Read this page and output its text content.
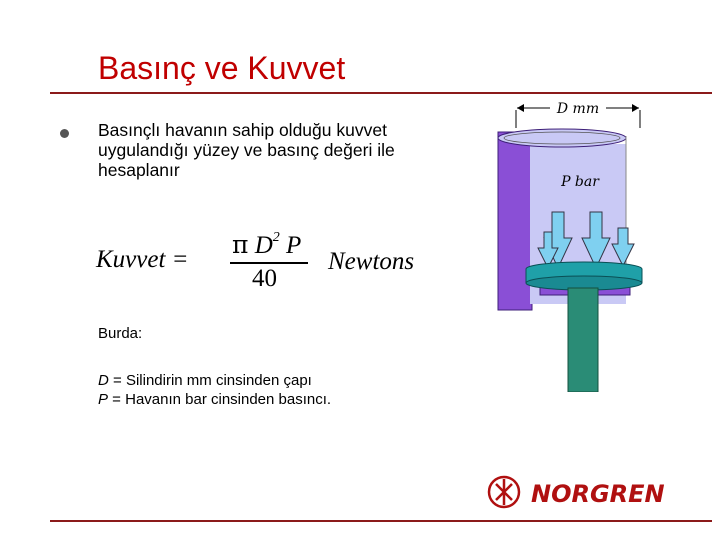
Basınç ve Kuvvet
Basınçlı havanın sahip olduğu kuvvet uygulandığı yüzey ve basınç değeri ile hesaplanır
Kuvvet =
π $D^2$ P
40
Newtons
Burda:
D = Silindirin mm cinsinden çapı
P = Havanın bar cinsinden basıncı.
D mm
P bar
NORGREN
